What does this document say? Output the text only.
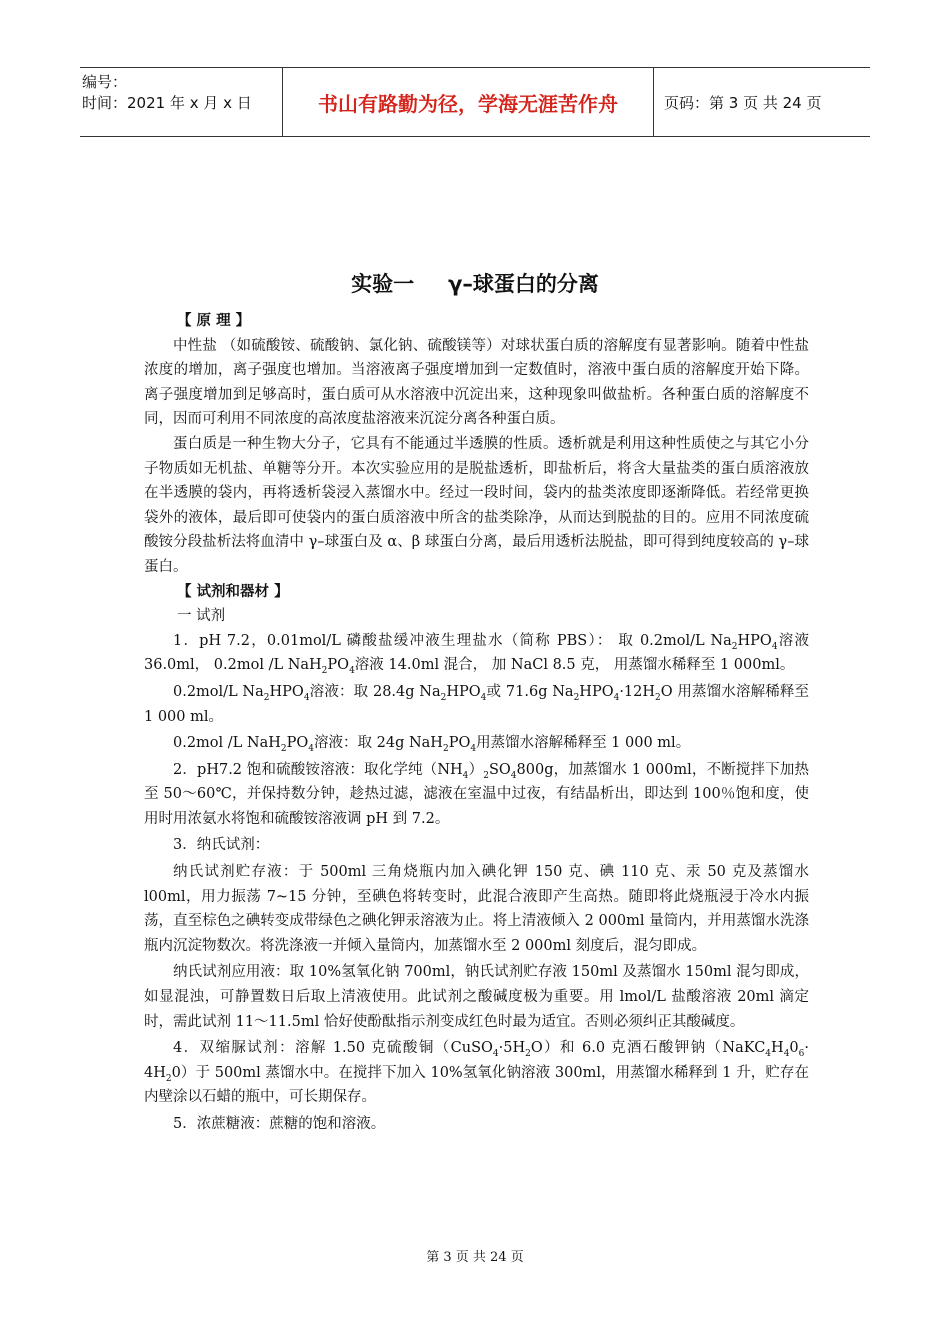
编号：
时间：2021 年 x 月 x 日	书山有路勤为径，学海无涯苦作舟	页码：第 3 页 共 24 页
实验一 γ–球蛋白的分离

【 原 理 】

中性盐 （如硫酸铵、硫酸钠、氯化钠、硫酸镁等）对球状蛋白质的溶解度有显著影响。随着中性盐浓度的增加，离子强度也增加。当溶液离子强度增加到一定数值时，溶液中蛋白质的溶解度开始下降。离子强度增加到足够高时，蛋白质可从水溶液中沉淀出来，这种现象叫做盐析。各种蛋白质的溶解度不同，因而可利用不同浓度的高浓度盐溶液来沉淀分离各种蛋白质。

蛋白质是一种生物大分子，它具有不能通过半透膜的性质。透析就是利用这种性质使之与其它小分子物质如无机盐、单糖等分开。本次实验应用的是脱盐透析，即盐析后，将含大量盐类的蛋白质溶液放在半透膜的袋内，再将透析袋浸入蒸馏水中。经过一段时间，袋内的盐类浓度即逐渐降低。若经常更换袋外的液体，最后即可使袋内的蛋白质溶液中所含的盐类除净，从而达到脱盐的目的。应用不同浓度硫酸铵分段盐析法将血清中 γ–球蛋白及 α、β 球蛋白分离，最后用透析法脱盐，即可得到纯度较高的 γ–球蛋白。

【 试剂和器材 】

一 试剂

1．pH 7.2，0.01mol/L 磷酸盐缓冲液生理盐水（简称 PBS）： 取 0.2mol/L $Na_2HPO_4$溶液 36.0ml， 0.2mol /L $NaH_2PO_4$溶液 14.0ml 混合， 加 NaCl 8.5 克， 用蒸馏水稀释至 1 000ml。

0.2mol/L $Na_2HPO_4$溶液：取 28.4g $Na_2HPO_4$或 71.6g $Na_2HPO_4\cdot 12H_2O$ 用蒸馏水溶解稀释至 1 000 ml。

0.2mol /L $NaH_2PO_4$溶液：取 24g $NaH_2PO_4$用蒸馏水溶解稀释至 1 000 ml。

2．pH7.2 饱和硫酸铵溶液：取化学纯$(NH_4)_2SO_4800g$，加蒸馏水 1 000ml，不断搅拌下加热至 50～60℃，并保持数分钟，趁热过滤，滤液在室温中过夜，有结晶析出，即达到 100％饱和度，使用时用浓氨水将饱和硫酸铵溶液调 pH 到 7.2。

3．纳氏试剂：

纳氏试剂贮存液：于 500ml 三角烧瓶内加入碘化钾 150 克、碘 110 克、汞 50 克及蒸馏水 l00ml，用力振荡 7~15 分钟，至碘色将转变时，此混合液即产生高热。随即将此烧瓶浸于冷水内振荡，直至棕色之碘转变成带绿色之碘化钾汞溶液为止。将上清液倾入 2 000ml 量筒内，并用蒸馏水洗涤瓶内沉淀物数次。将洗涤液一并倾入量筒内，加蒸馏水至 2 000ml 刻度后，混匀即成。

纳氏试剂应用液：取 10%氢氧化钠 700ml，钠氏试剂贮存液 150ml 及蒸馏水 150ml 混匀即成，如显混浊，可静置数日后取上清液使用。此试剂之酸碱度极为重要。用 lmol/L 盐酸溶液 20ml 滴定时，需此试剂 11～11.5ml 恰好使酚酞指示剂变成红色时最为适宜。否则必须纠正其酸碱度。

4．双缩脲试剂：溶解 1.50 克硫酸铜$(CuSO_4\cdot 5H_2O)$和 6.0 克酒石酸钾钠$(NaKC_4H_40_6\cdot 4H_20)$于 500ml 蒸馏水中。在搅拌下加入 10%氢氧化钠溶液 300ml，用蒸馏水稀释到 1 升，贮存在内壁涂以石蜡的瓶中，可长期保存。

5．浓蔗糖液：蔗糖的饱和溶液。

第 3 页 共 24 页
